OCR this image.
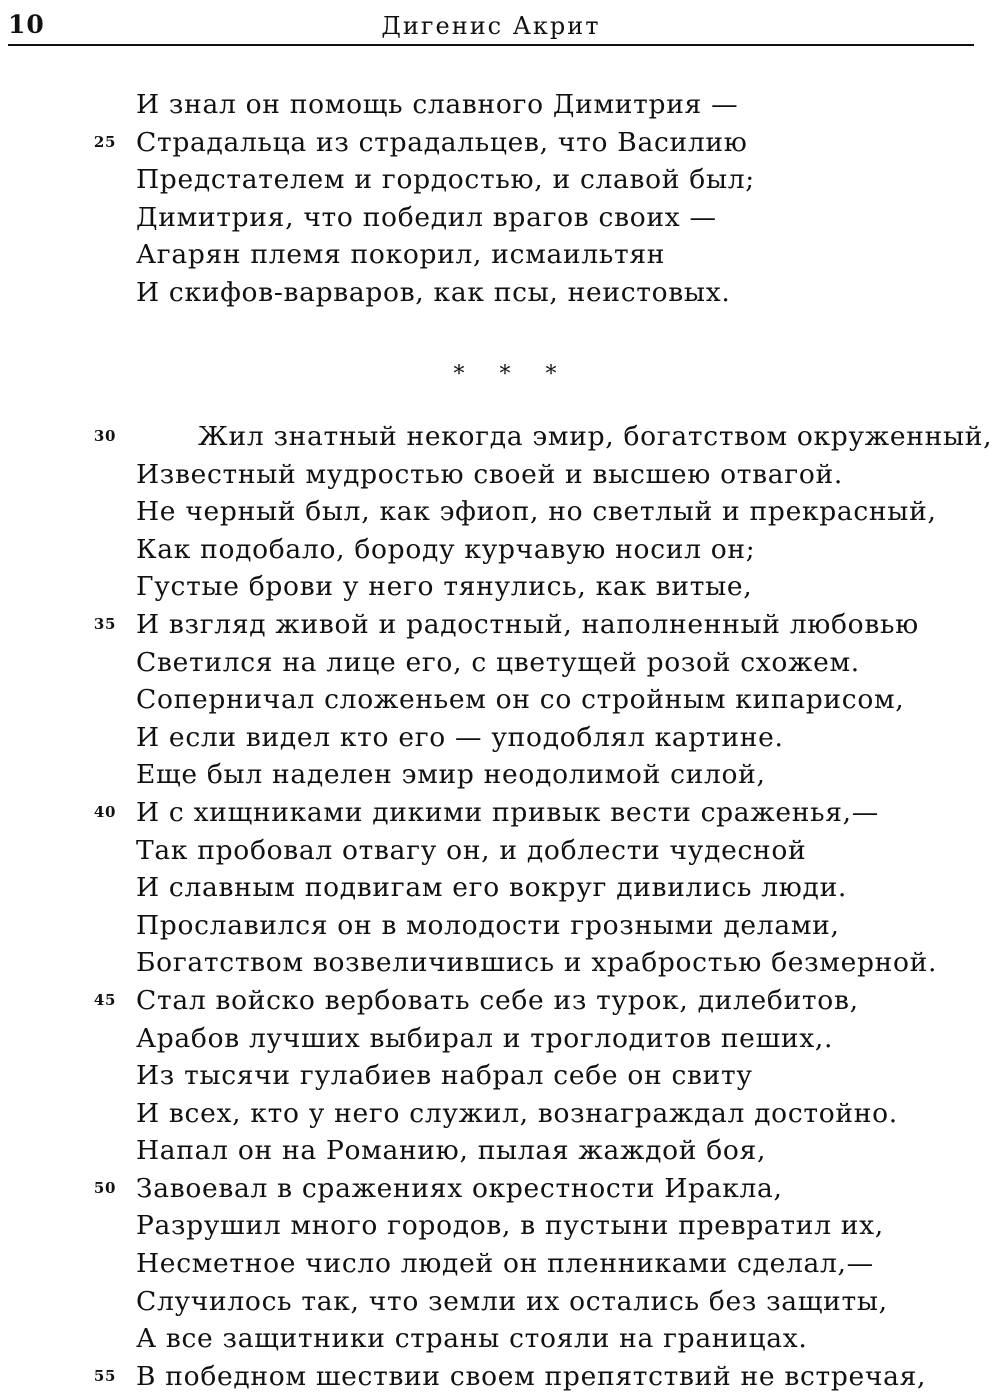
10	Дигенис Акрит
И знал он помощь славного Димитрия —
25 Страдальца из страдальцев, что Василию
Предстателем и гордостью, и славой был;
Димитрия, что победил врагов своих —
Агарян племя покорил, исмаильтян
И скифов-варваров, как псы, неистовых.
* * *
30	Жил знатный некогда эмир, богатством окруженный,
Известный мудростью своей и высшею отвагой.
Не черный был, как эфиоп, но светлый и прекрасный,
Как подобало, бороду курчавую носил он;
Густые брови у него тянулись, как витые,
35 И взгляд живой и радостный, наполненный любовью
Светился на лице его, с цветущей розой схожем.
Соперничал сложеньем он со стройным кипарисом,
И если видел кто его — уподоблял картине.
Еще был наделен эмир неодолимой силой,
40 И с хищниками дикими привык вести сраженья,—
Так пробовал отвагу он, и доблести чудесной
И славным подвигам его вокруг дивились люди.
Прославился он в молодости грозными делами,
Богатством возвеличившись и храбростью безмерной.
45 Стал войско вербовать себе из турок, дилебитов,
Арабов лучших выбирал и троглодитов пеших,.
Из тысячи гулабиев набрал себе он свиту
И всех, кто у него служил, вознаграждал достойно.
Напал он на Романию, пылая жаждой боя,
50 Завоевал в сражениях окрестности Иракла,
Разрушил много городов, в пустыни превратил их,
Несметное число людей он пленниками сделал,—
Случилось так, что земли их остались без защиты,
А все защитники страны стояли на границах.
55 В победном шествии своем препятствий не встречая,
